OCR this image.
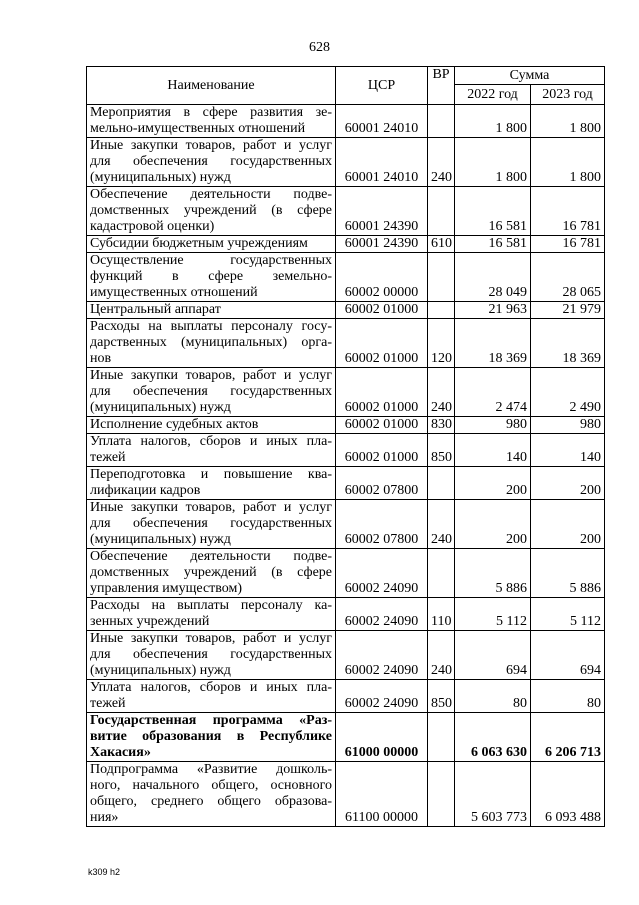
628
Наименование	ЦСР	ВР	Сумма	
			2022 год	2023 год

Мероприятия в сфере развития зе-
мельно-имущественных отношений	60001 24010		1 800	1 800

Иные закупки товаров, работ и услуг
для обеспечения государственных
(муниципальных) нужд	60001 24010	240	1 800	1 800

Обеспечение деятельности подве-
домственных учреждений (в сфере
кадастровой оценки)	60001 24390		16 581	16 781

Субсидии бюджетным учреждениям	60001 24390	610	16 581	16 781

Осуществление государственных
функций в сфере земельно-
имущественных отношений	60002 00000		28 049	28 065

Центральный аппарат	60002 01000		21 963	21 979

Расходы на выплаты персоналу госу-
дарственных (муниципальных) орга-
нов	60002 01000	120	18 369	18 369

Иные закупки товаров, работ и услуг
для обеспечения государственных
(муниципальных) нужд	60002 01000	240	2 474	2 490

Исполнение судебных актов	60002 01000	830	980	980

Уплата налогов, сборов и иных пла-
тежей	60002 01000	850	140	140

Переподготовка и повышение ква-
лификации кадров	60002 07800		200	200

Иные закупки товаров, работ и услуг
для обеспечения государственных
(муниципальных) нужд	60002 07800	240	200	200

Обеспечение деятельности подве-
домственных учреждений (в сфере
управления имуществом)	60002 24090		5 886	5 886

Расходы на выплаты персоналу ка-
зенных учреждений	60002 24090	110	5 112	5 112

Иные закупки товаров, работ и услуг
для обеспечения государственных
(муниципальных) нужд	60002 24090	240	694	694

Уплата налогов, сборов и иных пла-
тежей	60002 24090	850	80	80

Государственная программа «Раз-
витие образования в Республике
Хакасия»	61000 00000		6 063 630	6 206 713

Подпрограмма «Развитие дошколь-
ного, начального общего, основного
общего, среднего общего образова-
ния»	61100 00000		5 603 773	6 093 488
k309 h2
